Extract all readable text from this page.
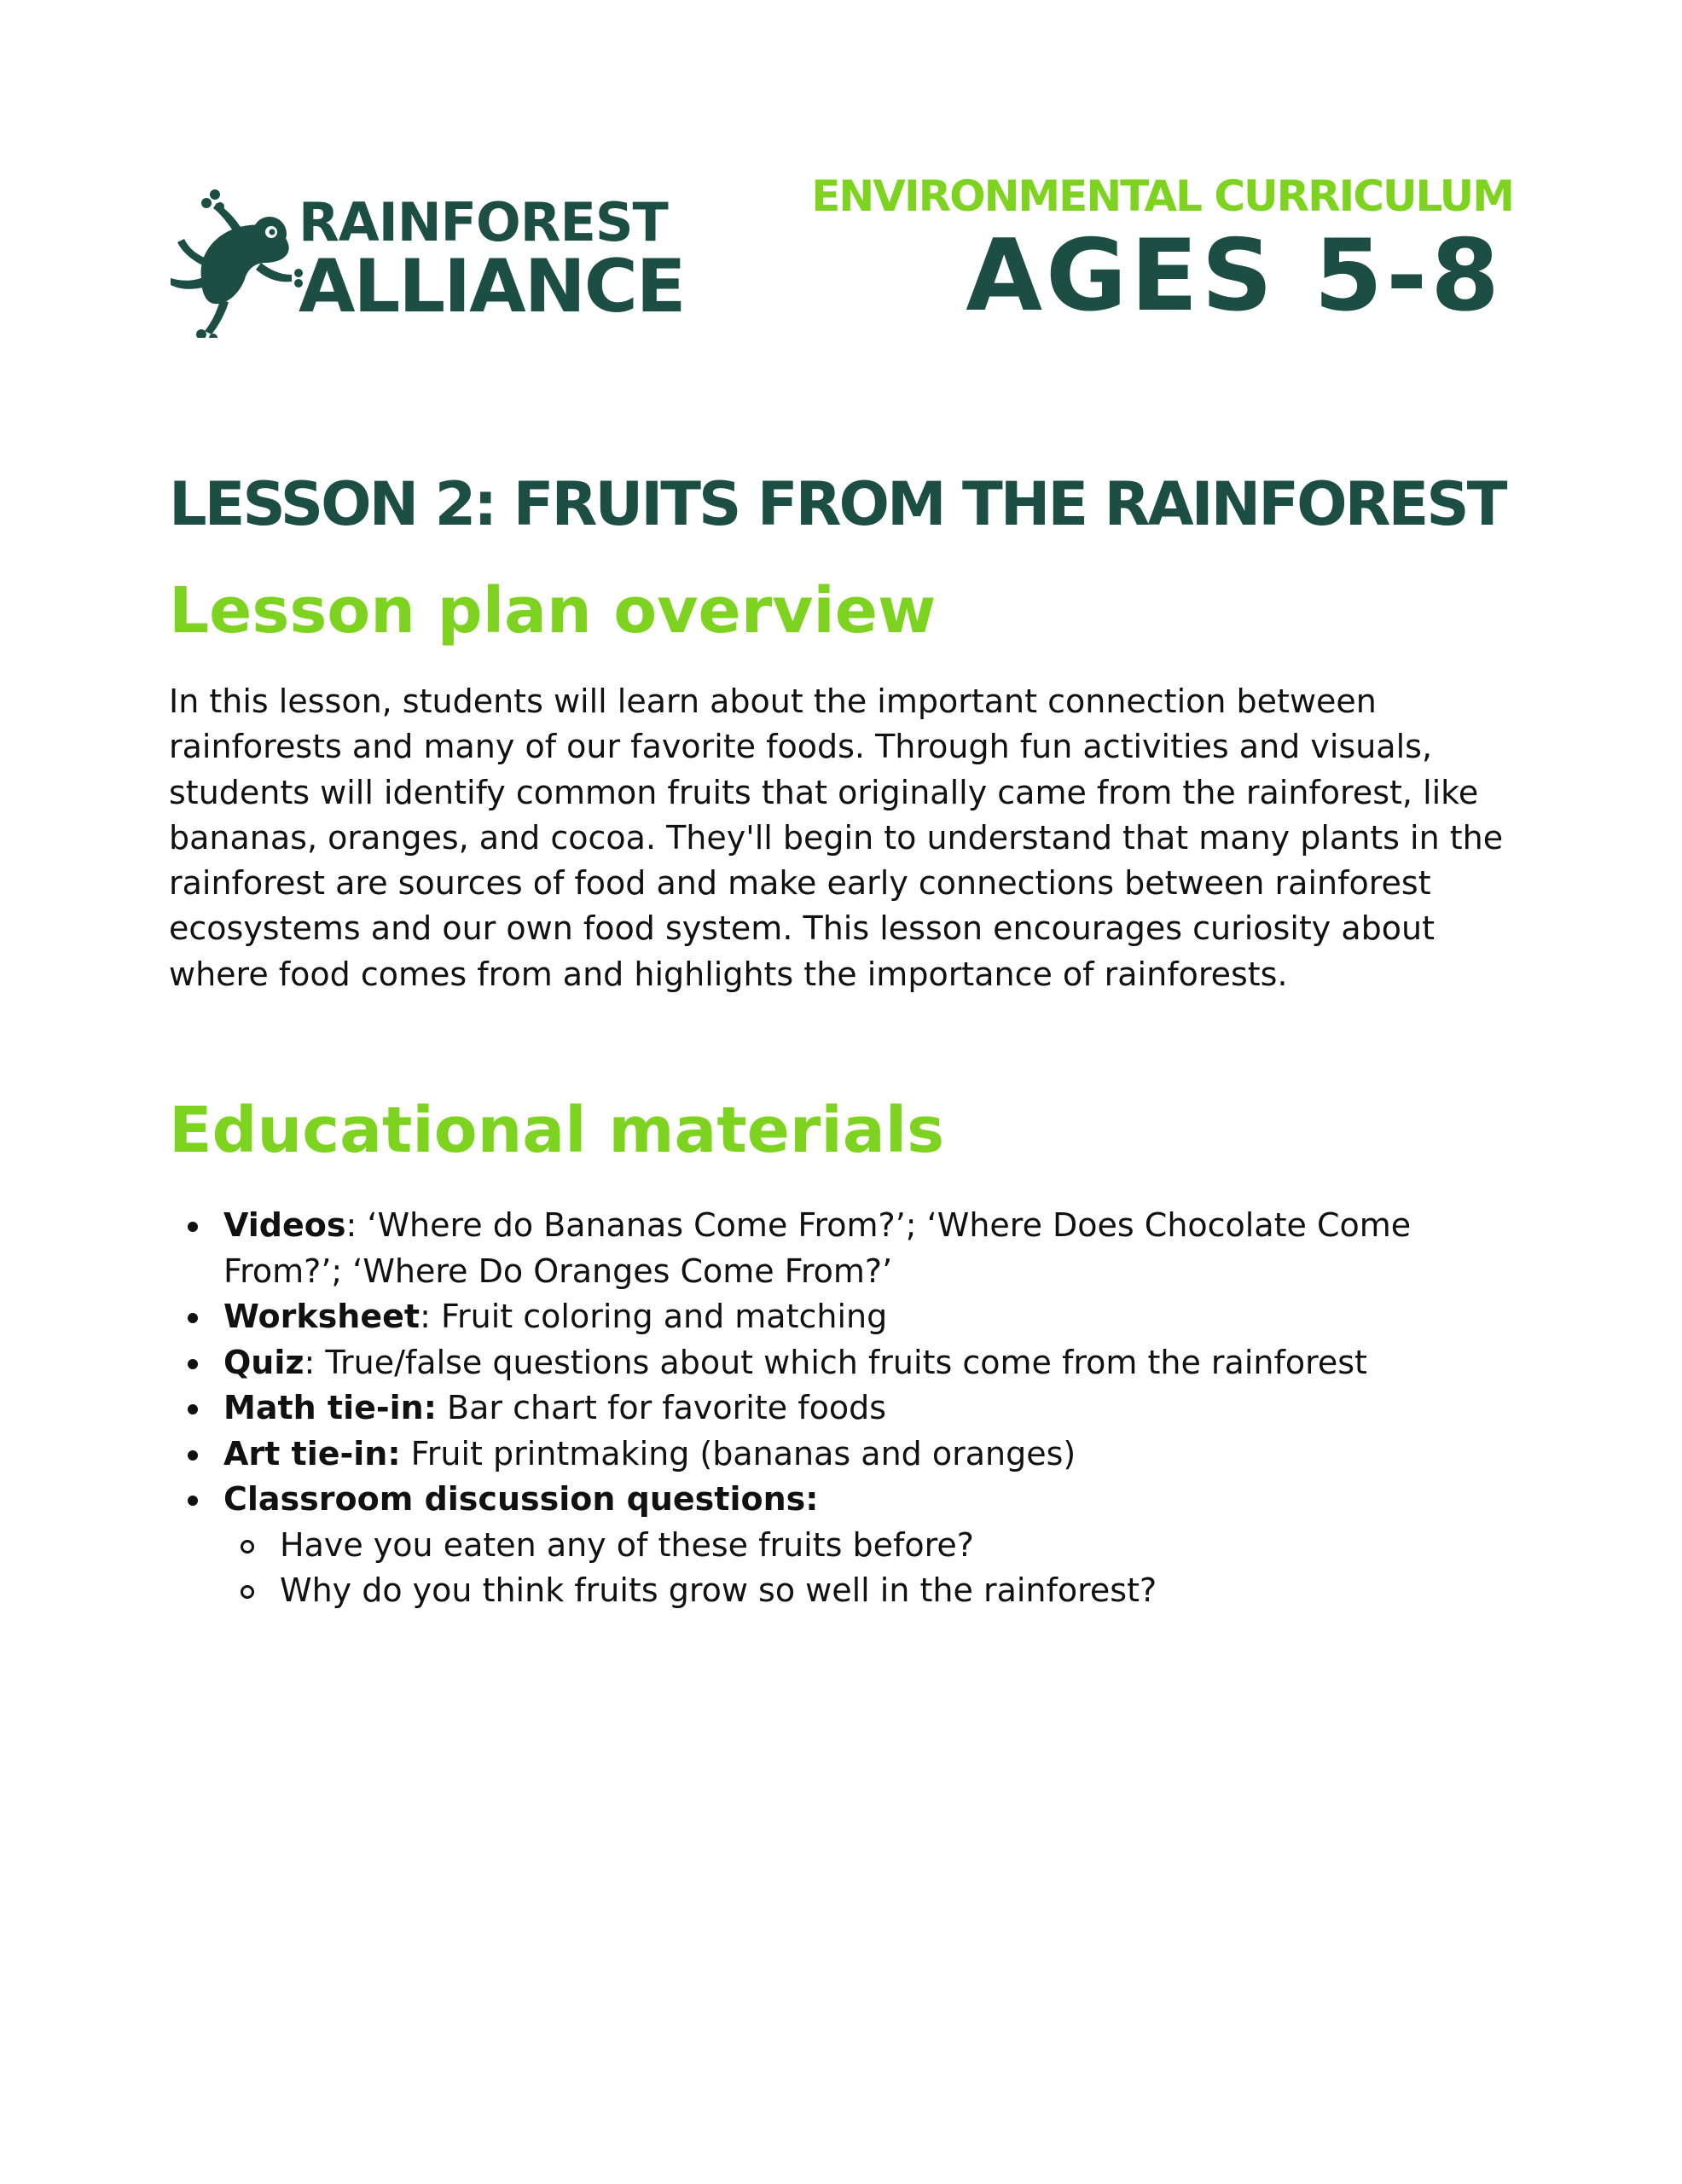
RAINFOREST
ALLIANCE
ENVIRONMENTAL CURRICULUM
AGES 5-8
LESSON 2: FRUITS FROM THE RAINFOREST
Lesson plan overview

In this lesson, students will learn about the important connection between rainforests and many of our favorite foods. Through fun activities and visuals, students will identify common fruits that originally came from the rainforest, like bananas, oranges, and cocoa. They'll begin to understand that many plants in the rainforest are sources of food and make early connections between rainforest ecosystems and our own food system. This lesson encourages curiosity about where food comes from and highlights the importance of rainforests.

Educational materials
Videos: ‘Where do Bananas Come From?’; ‘Where Does Chocolate Come From?’; ‘Where Do Oranges Come From?’
Worksheet: Fruit coloring and matching
Quiz: True/false questions about which fruits come from the rainforest
Math tie-in: Bar chart for favorite foods
Art tie-in: Fruit printmaking (bananas and oranges)
Classroom discussion questions:
Have you eaten any of these fruits before?
Why do you think fruits grow so well in the rainforest?
